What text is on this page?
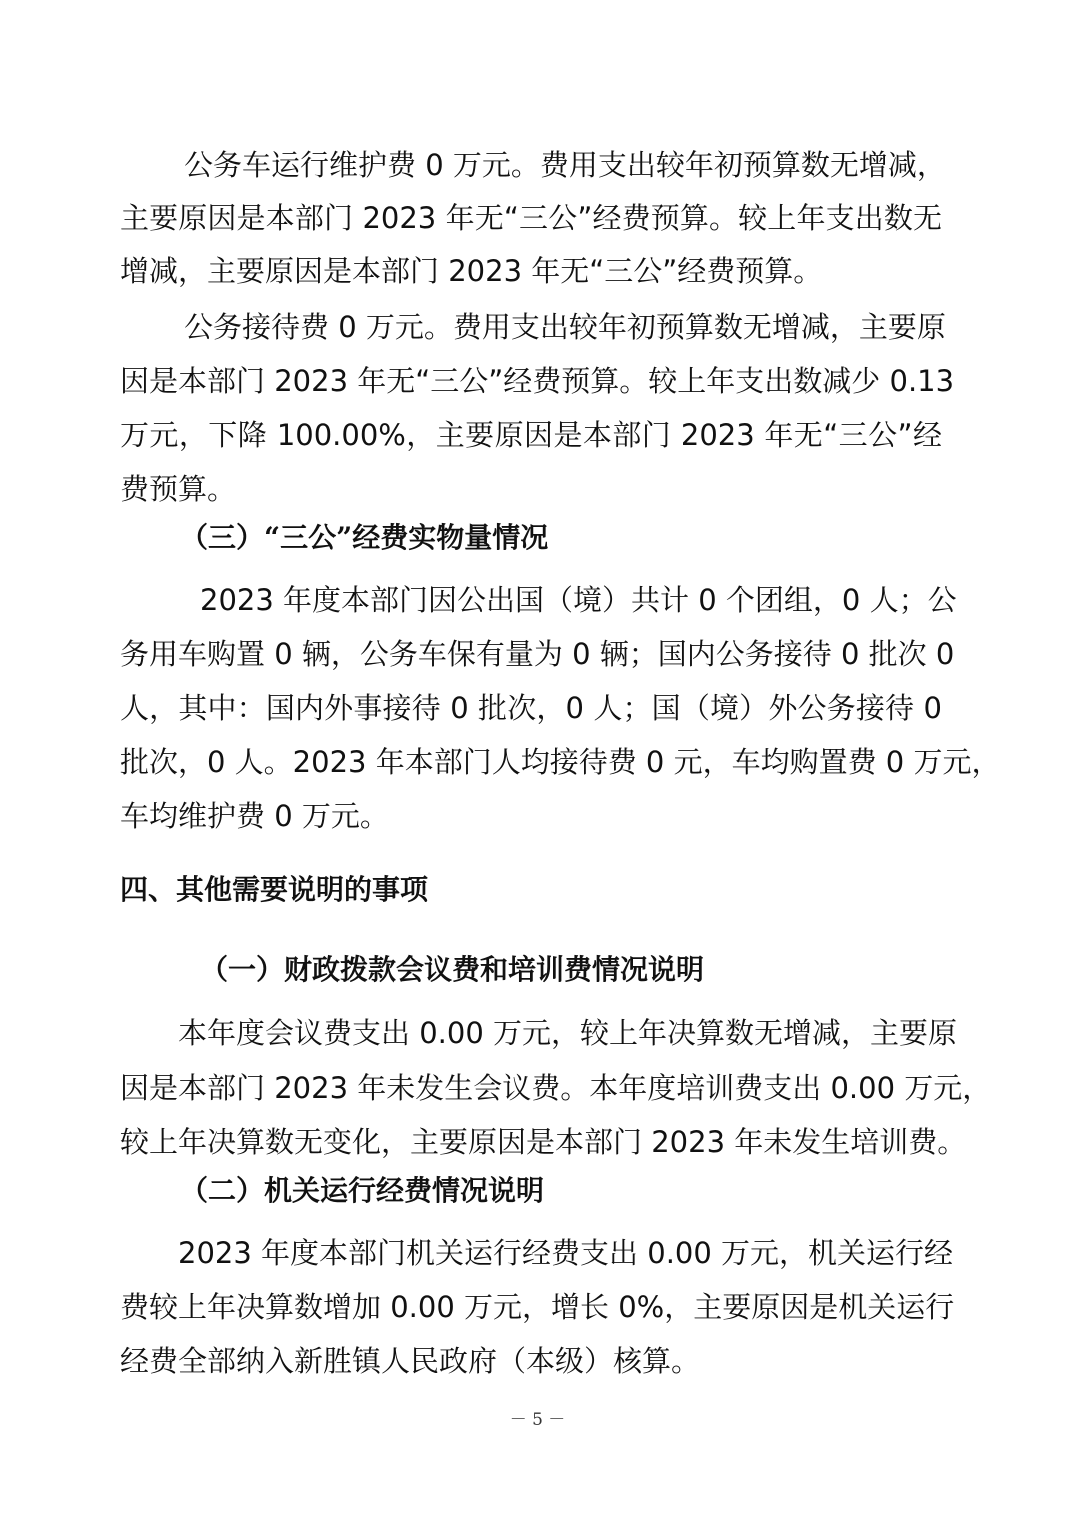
公务车运行维护费 0 万元。费用支出较年初预算数无增减，
主要原因是本部门 2023 年无“三公”经费预算。较上年支出数无
增减，主要原因是本部门 2023 年无“三公”经费预算。
公务接待费 0 万元。费用支出较年初预算数无增减，主要原
因是本部门 2023 年无“三公”经费预算。较上年支出数减少 0.13
万元，下降 100.00%，主要原因是本部门 2023 年无“三公”经
费预算。
（三）“三公”经费实物量情况
2023 年度本部门因公出国（境）共计 0 个团组，0 人；公
务用车购置 0 辆，公务车保有量为 0 辆；国内公务接待 0 批次 0
人，其中：国内外事接待 0 批次，0 人；国（境）外公务接待 0
批次，0 人。2023 年本部门人均接待费 0 元，车均购置费 0 万元，
车均维护费 0 万元。
四、其他需要说明的事项
（一）财政拨款会议费和培训费情况说明
本年度会议费支出 0.00 万元，较上年决算数无增减，主要原
因是本部门 2023 年未发生会议费。本年度培训费支出 0.00 万元，
较上年决算数无变化，主要原因是本部门 2023 年未发生培训费。
（二）机关运行经费情况说明
2023 年度本部门机关运行经费支出 0.00 万元，机关运行经
费较上年决算数增加 0.00 万元，增长 0%，主要原因是机关运行
经费全部纳入新胜镇人民政府（本级）核算。
－ 5 －
